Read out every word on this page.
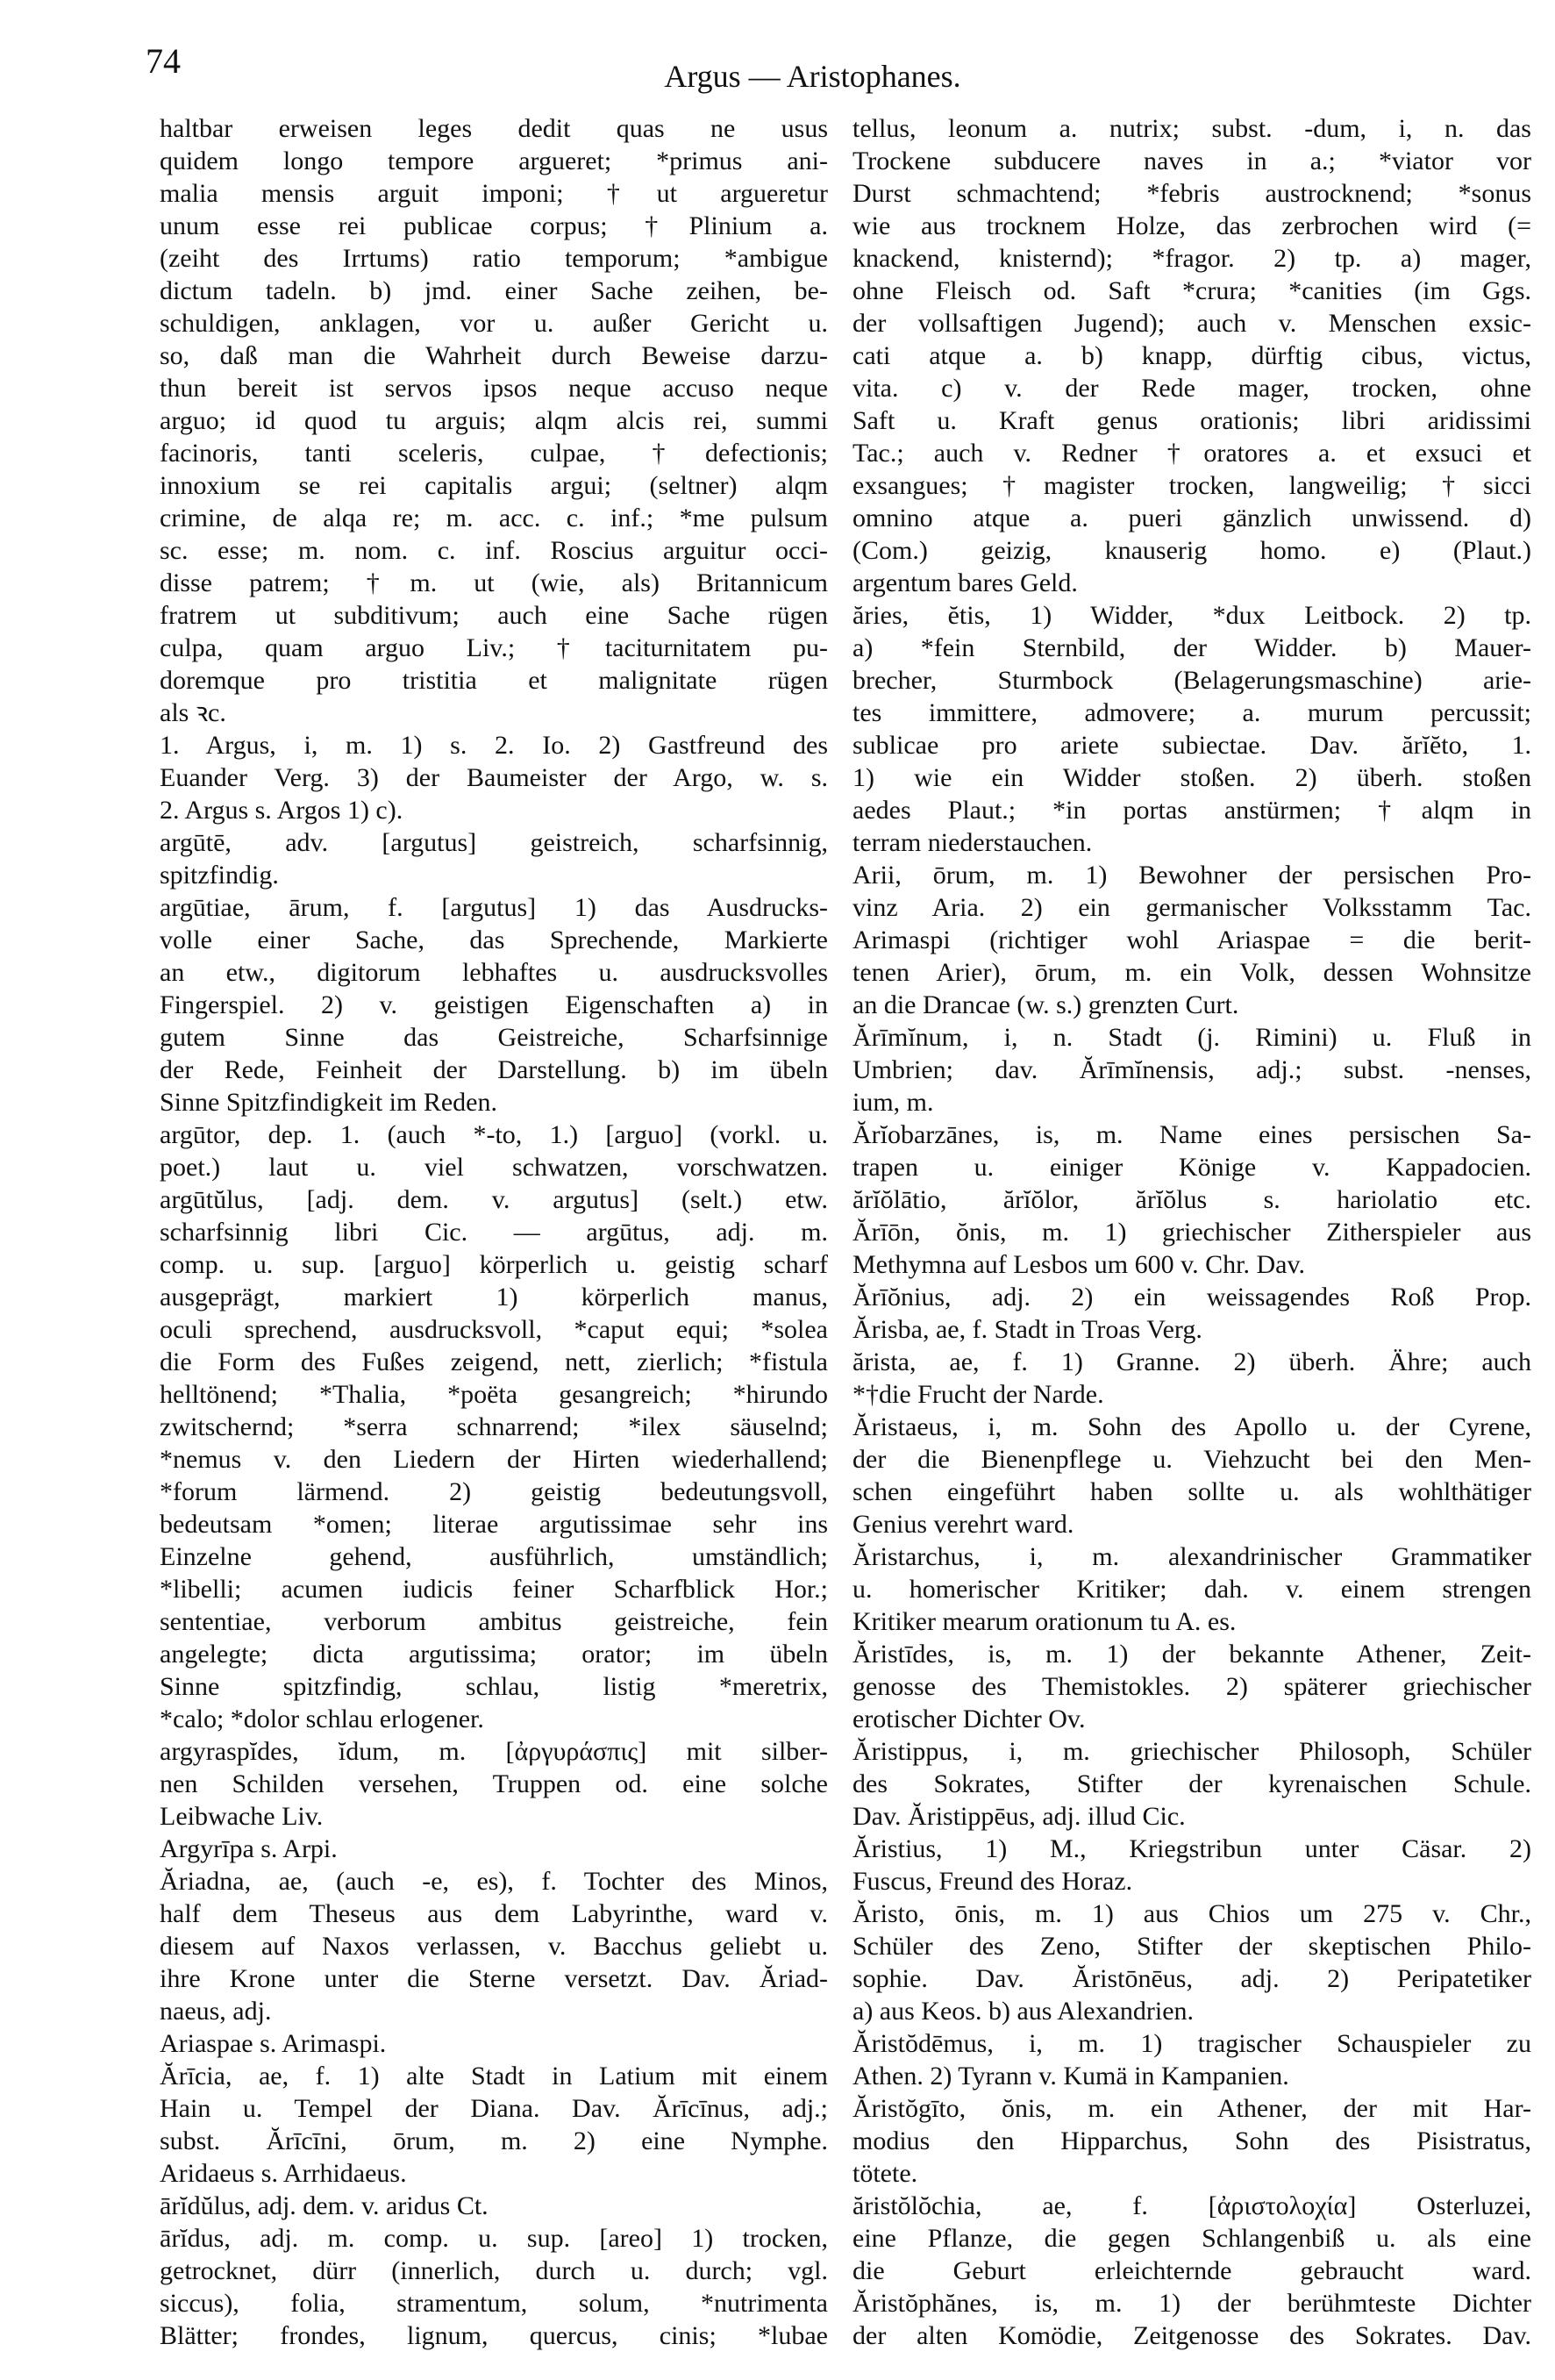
74	Argus — Aristophanes.
haltbar erweisen leges dedit quas ne usus
quidem longo tempore argueret; *primus ani-
malia mensis arguit imponi; †ut argueretur
unum esse rei publicae corpus; †Plinium a.
(zeiht des Irrtums) ratio temporum; *ambigue
dictum tadeln. b) jmd. einer Sache zeihen, be-
schuldigen, anklagen, vor u. außer Gericht u.
so, daß man die Wahrheit durch Beweise darzu-
thun bereit ist servos ipsos neque accuso neque
arguo; id quod tu arguis; alqm alcis rei, summi
facinoris, tanti sceleris, culpae, †defectionis;
innoxium se rei capitalis argui; (seltner) alqm
crimine, de alqa re; m. acc. c. inf.; *me pulsum
sc. esse; m. nom. c. inf. Roscius arguitur occi-
disse patrem; †m. ut (wie, als) Britannicum
fratrem ut subditivum; auch eine Sache rügen
culpa, quam arguo Liv.; †taciturnitatem pu-
doremque pro tristitia et malignitate rügen
als ꝛc.
1. Argus, i, m. 1) s. 2. Io. 2) Gastfreund des
Euander Verg. 3) der Baumeister der Argo, w. s.
2. Argus s. Argos 1) c).
argūtē, adv. [argutus] geistreich, scharfsinnig,
spitzfindig.
argūtiae, ārum, f. [argutus] 1) das Ausdrucks-
volle einer Sache, das Sprechende, Markierte
an etw., digitorum lebhaftes u. ausdrucksvolles
Fingerspiel. 2) v. geistigen Eigenschaften a) in
gutem Sinne das Geistreiche, Scharfsinnige
der Rede, Feinheit der Darstellung. b) im übeln
Sinne Spitzfindigkeit im Reden.
argūtor, dep. 1. (auch *-to, 1.) [arguo] (vorkl. u.
poet.) laut u. viel schwatzen, vorschwatzen.
argūtŭlus, [adj. dem. v. argutus] (selt.) etw.
scharfsinnig libri Cic. — argūtus, adj. m.
comp. u. sup. [arguo] körperlich u. geistig scharf
ausgeprägt, markiert 1) körperlich manus,
oculi sprechend, ausdrucksvoll, *caput equi; *solea
die Form des Fußes zeigend, nett, zierlich; *fistula
helltönend; *Thalia, *poëta gesangreich; *hirundo
zwitschernd; *serra schnarrend; *ilex säuselnd;
*nemus v. den Liedern der Hirten wiederhallend;
*forum lärmend. 2) geistig bedeutungsvoll,
bedeutsam *omen; literae argutissimae sehr ins
Einzelne gehend, ausführlich, umständlich;
*libelli; acumen iudicis feiner Scharfblick Hor.;
sententiae, verborum ambitus geistreiche, fein
angelegte; dicta argutissima; orator; im übeln
Sinne spitzfindig, schlau, listig *meretrix,
*calo; *dolor schlau erlogener.
argyraspĭdes, ĭdum, m. [ἀργυράσπις] mit silber-
nen Schilden versehen, Truppen od. eine solche
Leibwache Liv.
Argyrīpa s. Arpi.
Ăriadna, ae, (auch -e, es), f. Tochter des Minos,
half dem Theseus aus dem Labyrinthe, ward v.
diesem auf Naxos verlassen, v. Bacchus geliebt u.
ihre Krone unter die Sterne versetzt. Dav. Ăriad-
naeus, adj.
Ariaspae s. Arimaspi.
Ărīcia, ae, f. 1) alte Stadt in Latium mit einem
Hain u. Tempel der Diana. Dav. Ărīcīnus, adj.;
subst. Ărīcīni, ōrum, m. 2) eine Nymphe.
Aridaeus s. Arrhidaeus.
ārĭdŭlus, adj. dem. v. aridus Ct.
ārĭdus, adj. m. comp. u. sup. [areo] 1) trocken,
getrocknet, dürr (innerlich, durch u. durch; vgl.
siccus), folia, stramentum, solum, *nutrimenta
Blätter; frondes, lignum, quercus, cinis; *lubae
tellus, leonum a. nutrix; subst. -dum, i, n. das
Trockene subducere naves in a.; *viator vor
Durst schmachtend; *febris austrocknend; *sonus
wie aus trocknem Holze, das zerbrochen wird (=
knackend, knisternd); *fragor. 2) tp. a) mager,
ohne Fleisch od. Saft *crura; *canities (im Ggs.
der vollsaftigen Jugend); auch v. Menschen exsic-
cati atque a. b) knapp, dürftig cibus, victus,
vita. c) v. der Rede mager, trocken, ohne
Saft u. Kraft genus orationis; libri aridissimi
Tac.; auch v. Redner †oratores a. et exsuci et
exsangues; †magister trocken, langweilig; †sicci
omnino atque a. pueri gänzlich unwissend. d)
(Com.) geizig, knauserig homo. e) (Plaut.)
argentum bares Geld.
ăries, ĕtis, 1) Widder, *dux Leitbock. 2) tp.
a) *fein Sternbild, der Widder. b) Mauer-
brecher, Sturmbock (Belagerungsmaschine) arie-
tes immittere, admovere; a. murum percussit;
sublicae pro ariete subiectae. Dav. ărĭĕto, 1.
1) wie ein Widder stoßen. 2) überh. stoßen
aedes Plaut.; *in portas anstürmen; †alqm in
terram niederstauchen.
Arii, ōrum, m. 1) Bewohner der persischen Pro-
vinz Aria. 2) ein germanischer Volksstamm Tac.
Arimaspi (richtiger wohl Ariaspae = die berit-
tenen Arier), ōrum, m. ein Volk, dessen Wohnsitze
an die Drancae (w. s.) grenzten Curt.
Ărīmĭnum, i, n. Stadt (j. Rimini) u. Fluß in
Umbrien; dav. Ărīmĭnensis, adj.; subst. -nenses,
ium, m.
Ărĭobarzānes, is, m. Name eines persischen Sa-
trapen u. einiger Könige v. Kappadocien.
ărĭŏlātio, ărĭŏlor, ărĭŏlus s. hariolatio etc.
Ărīōn, ŏnis, m. 1) griechischer Zitherspieler aus
Methymna auf Lesbos um 600 v. Chr. Dav.
Ărīŏnius, adj. 2) ein weissagendes Roß Prop.
Ărisba, ae, f. Stadt in Troas Verg.
ărista, ae, f. 1) Granne. 2) überh. Ähre; auch
*†die Frucht der Narde.
Ăristaeus, i, m. Sohn des Apollo u. der Cyrene,
der die Bienenpflege u. Viehzucht bei den Men-
schen eingeführt haben sollte u. als wohlthätiger
Genius verehrt ward.
Ăristarchus, i, m. alexandrinischer Grammatiker
u. homerischer Kritiker; dah. v. einem strengen
Kritiker mearum orationum tu A. es.
Ăristīdes, is, m. 1) der bekannte Athener, Zeit-
genosse des Themistokles. 2) späterer griechischer
erotischer Dichter Ov.
Ăristippus, i, m. griechischer Philosoph, Schüler
des Sokrates, Stifter der kyrenaischen Schule.
Dav. Ăristippēus, adj. illud Cic.
Ăristius, 1) M., Kriegstribun unter Cäsar. 2)
Fuscus, Freund des Horaz.
Ăristo, ōnis, m. 1) aus Chios um 275 v. Chr.,
Schüler des Zeno, Stifter der skeptischen Philo-
sophie. Dav. Ăristōnēus, adj. 2) Peripatetiker
a) aus Keos. b) aus Alexandrien.
Ăristŏdēmus, i, m. 1) tragischer Schauspieler zu
Athen. 2) Tyrann v. Kumä in Kampanien.
Ăristŏgīto, ŏnis, m. ein Athener, der mit Har-
modius den Hipparchus, Sohn des Pisistratus,
tötete.
ăristŏlŏchia, ae, f. [ἀριστολοχία] Osterluzei,
eine Pflanze, die gegen Schlangenbiß u. als eine
die Geburt erleichternde gebraucht ward.
Ăristŏphănes, is, m. 1) der berühmteste Dichter
der alten Komödie, Zeitgenosse des Sokrates. Dav.
